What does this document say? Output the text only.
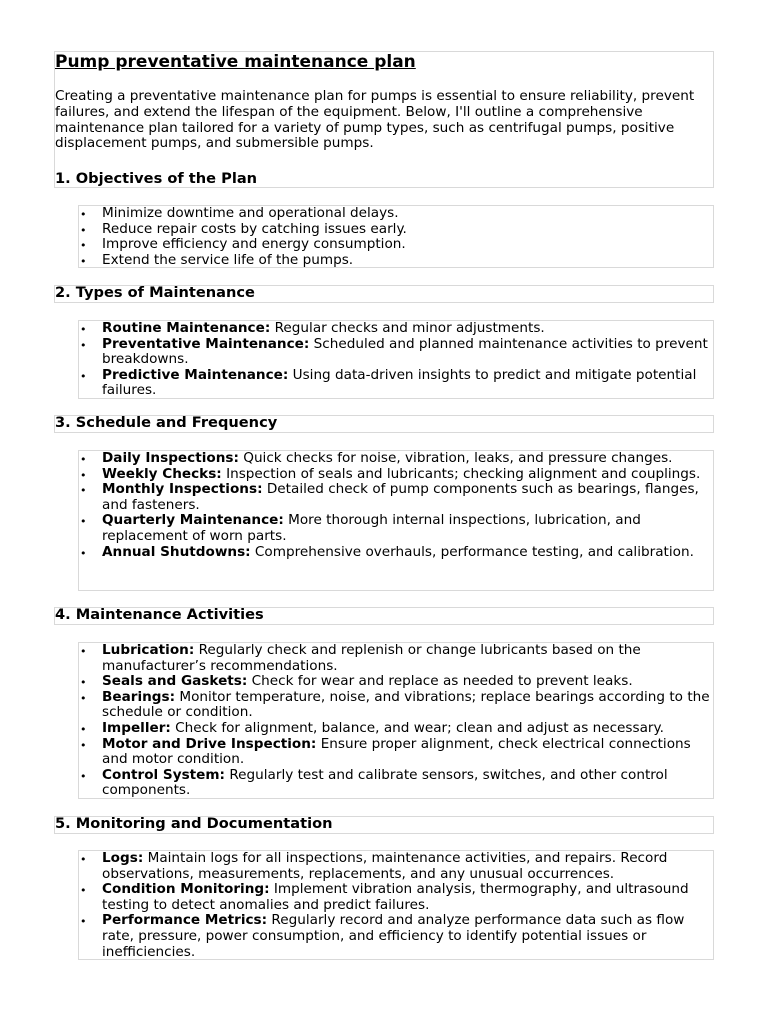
Pump preventative maintenance plan

Creating a preventative maintenance plan for pumps is essential to ensure reliability, prevent failures, and extend the lifespan of the equipment. Below, I'll outline a comprehensive maintenance plan tailored for a variety of pump types, such as centrifugal pumps, positive displacement pumps, and submersible pumps.

1. Objectives of the Plan
• Minimize downtime and operational delays.
• Reduce repair costs by catching issues early.
• Improve efficiency and energy consumption.
• Extend the service life of the pumps.
2. Types of Maintenance
• Routine Maintenance: Regular checks and minor adjustments.
• Preventative Maintenance: Scheduled and planned maintenance activities to prevent breakdowns.
• Predictive Maintenance: Using data-driven insights to predict and mitigate potential failures.
3. Schedule and Frequency
• Daily Inspections: Quick checks for noise, vibration, leaks, and pressure changes.
• Weekly Checks: Inspection of seals and lubricants; checking alignment and couplings.
• Monthly Inspections: Detailed check of pump components such as bearings, flanges, and fasteners.
• Quarterly Maintenance: More thorough internal inspections, lubrication, and replacement of worn parts.
• Annual Shutdowns: Comprehensive overhauls, performance testing, and calibration.
4. Maintenance Activities
• Lubrication: Regularly check and replenish or change lubricants based on the manufacturer’s recommendations.
• Seals and Gaskets: Check for wear and replace as needed to prevent leaks.
• Bearings: Monitor temperature, noise, and vibrations; replace bearings according to the schedule or condition.
• Impeller: Check for alignment, balance, and wear; clean and adjust as necessary.
• Motor and Drive Inspection: Ensure proper alignment, check electrical connections and motor condition.
• Control System: Regularly test and calibrate sensors, switches, and other control components.
5. Monitoring and Documentation
• Logs: Maintain logs for all inspections, maintenance activities, and repairs. Record observations, measurements, replacements, and any unusual occurrences.
• Condition Monitoring: Implement vibration analysis, thermography, and ultrasound testing to detect anomalies and predict failures.
• Performance Metrics: Regularly record and analyze performance data such as flow rate, pressure, power consumption, and efficiency to identify potential issues or inefficiencies.
